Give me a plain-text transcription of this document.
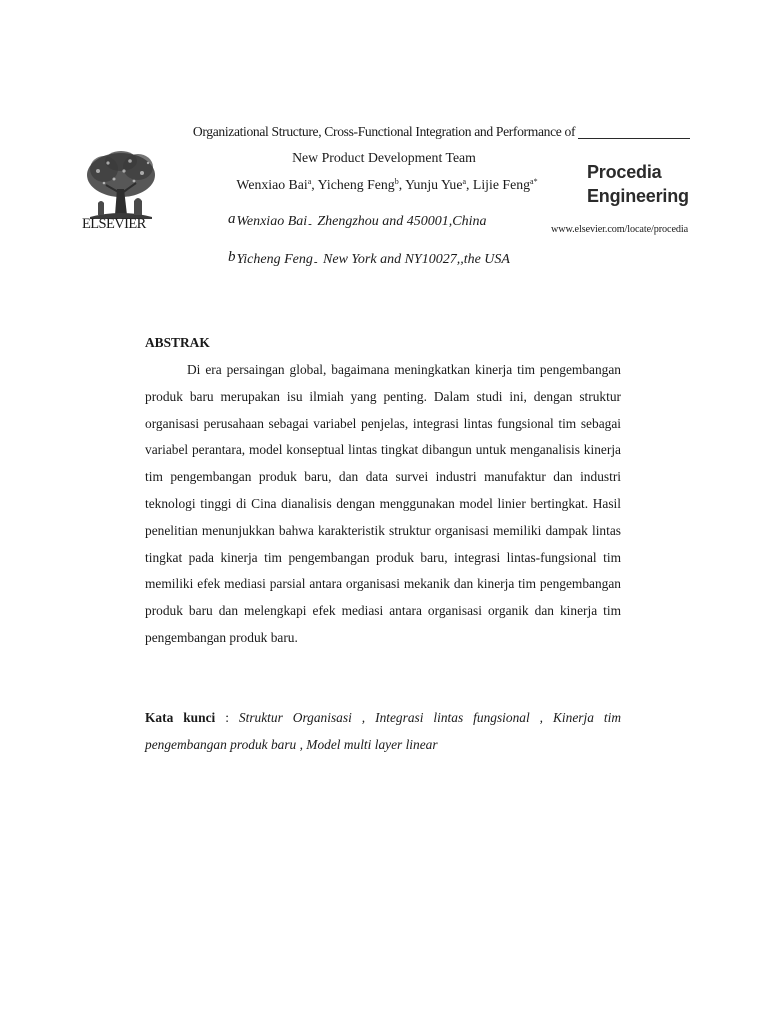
Organizational Structure, Cross-Functional Integration and Performance of
New Product Development Team
Wenxiao Bai$^a$, Yicheng Feng$^b$, Yunju Yue$^a$, Lijie Feng$^{a*}$
aWenxiao Bai- Zhengzhou and 450001,China
bYicheng Feng- New York and NY10027,,the USA
ELSEVIER
Procedia
Engineering
www.elsevier.com/locate/procedia
ABSTRAK

Di era persaingan global, bagaimana meningkatkan kinerja tim pengembangan produk baru merupakan isu ilmiah yang penting. Dalam studi ini, dengan struktur organisasi perusahaan sebagai variabel penjelas, integrasi lintas fungsional tim sebagai variabel perantara, model konseptual lintas tingkat dibangun untuk menganalisis kinerja tim pengembangan produk baru, dan data survei industri manufaktur dan industri teknologi tinggi di Cina dianalisis dengan menggunakan model linier bertingkat. Hasil penelitian menunjukkan bahwa karakteristik struktur organisasi memiliki dampak lintas tingkat pada kinerja tim pengembangan produk baru, integrasi lintas-fungsional tim memiliki efek mediasi parsial antara organisasi mekanik dan kinerja tim pengembangan produk baru dan melengkapi efek mediasi antara organisasi organik dan kinerja tim pengembangan produk baru.

Kata kunci : Struktur Organisasi , Integrasi lintas fungsional , Kinerja tim pengembangan produk baru , Model multi layer linear
